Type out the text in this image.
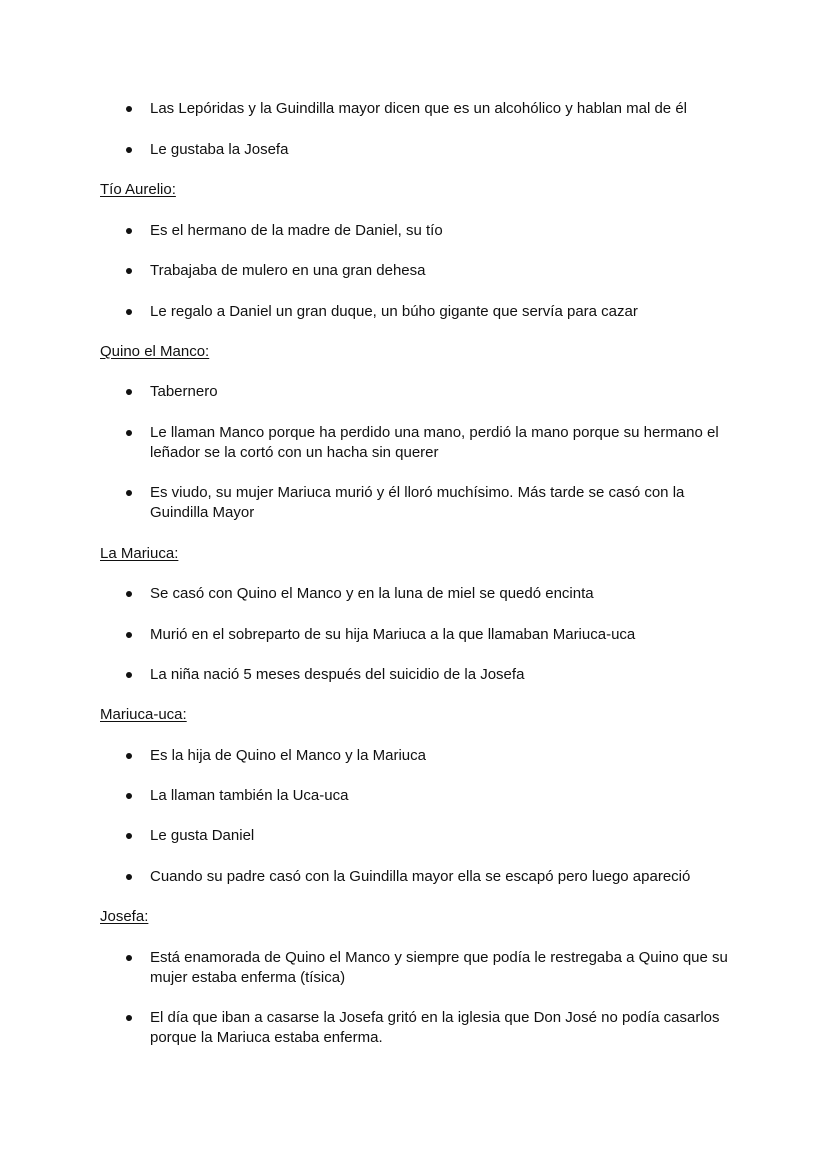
Las Lepóridas y la Guindilla mayor dicen que es un alcohólico y hablan mal de él
Le gustaba la Josefa
Tío Aurelio:
Es el hermano de la madre de Daniel, su tío
Trabajaba de mulero en una gran dehesa
Le regalo a Daniel un gran duque, un búho gigante que servía para cazar
Quino el Manco:
Tabernero
Le llaman Manco porque ha perdido una mano, perdió la mano porque su hermano el leñador se la cortó con un hacha sin querer
Es viudo, su mujer Mariuca murió y él lloró muchísimo. Más tarde se casó con la Guindilla Mayor
La Mariuca:
Se casó con Quino el Manco y en la luna de miel se quedó encinta
Murió en el sobreparto de su hija Mariuca a la que llamaban Mariuca-uca
La niña nació 5 meses después del suicidio de la Josefa
Mariuca-uca:
Es la hija de Quino el Manco y la Mariuca
La llaman también la Uca-uca
Le gusta Daniel
Cuando su padre casó con la Guindilla mayor ella se escapó pero luego apareció
Josefa:
Está enamorada de Quino el Manco y siempre que podía le restregaba a Quino que su mujer estaba enferma (tísica)
El día que iban a casarse la Josefa gritó en la iglesia que Don José no podía casarlos porque la Mariuca estaba enferma.
